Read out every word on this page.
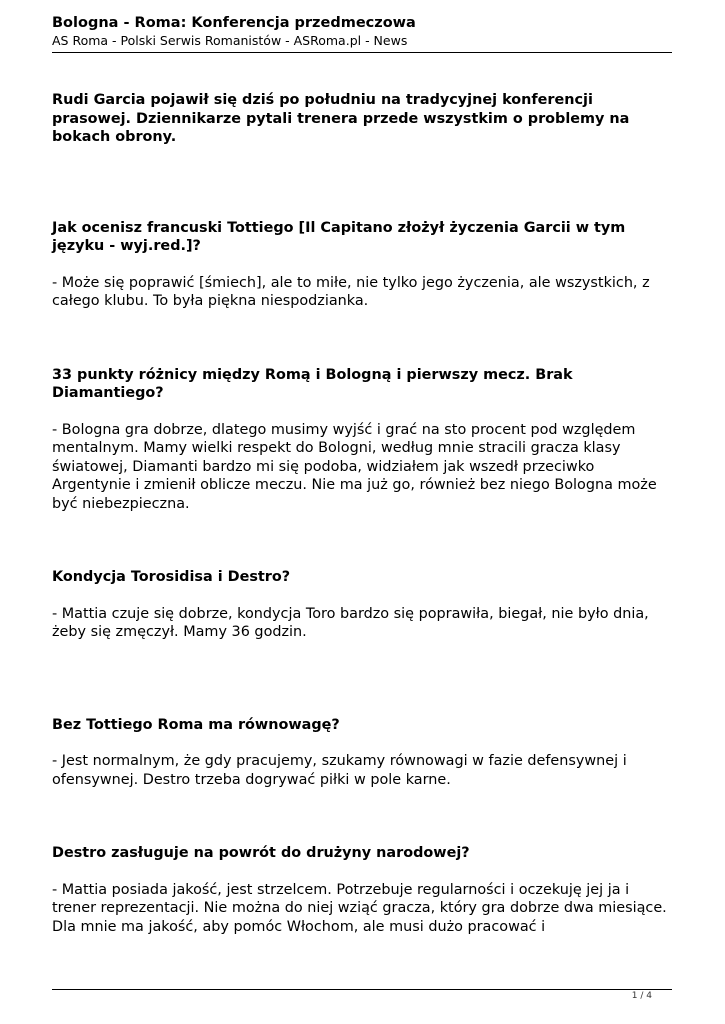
Bologna - Roma: Konferencja przedmeczowa
AS Roma - Polski Serwis Romanistów - ASRoma.pl - News

Rudi Garcia pojawił się dziś po południu na tradycyjnej konferencji prasowej. Dziennikarze pytali trenera przede wszystkim o problemy na bokach obrony.

Jak ocenisz francuski Tottiego [Il Capitano złożył życzenia Garcii w tym języku - wyj.red.]?

- Może się poprawić [śmiech], ale to miłe, nie tylko jego życzenia, ale wszystkich, z całego klubu. To była piękna niespodzianka.

33 punkty różnicy między Romą i Bologną i pierwszy mecz. Brak Diamantiego?

- Bologna gra dobrze, dlatego musimy wyjść i grać na sto procent pod względem mentalnym. Mamy wielki respekt do Bologni, według mnie stracili gracza klasy światowej, Diamanti bardzo mi się podoba, widziałem jak wszedł przeciwko Argentynie i zmienił oblicze meczu. Nie ma już go, również bez niego Bologna może być niebezpieczna.

Kondycja Torosidisa i Destro?

- Mattia czuje się dobrze, kondycja Toro bardzo się poprawiła, biegał, nie było dnia, żeby się zmęczył. Mamy 36 godzin.

Bez Tottiego Roma ma równowagę?

- Jest normalnym, że gdy pracujemy, szukamy równowagi w fazie defensywnej i ofensywnej. Destro trzeba dogrywać piłki w pole karne.

Destro zasługuje na powrót do drużyny narodowej?

- Mattia posiada jakość, jest strzelcem. Potrzebuje regularności i oczekuję jej ja i trener reprezentacji. Nie można do niej wziąć gracza, który gra dobrze dwa miesiące. Dla mnie ma jakość, aby pomóc Włochom, ale musi dużo pracować i

1 / 4
